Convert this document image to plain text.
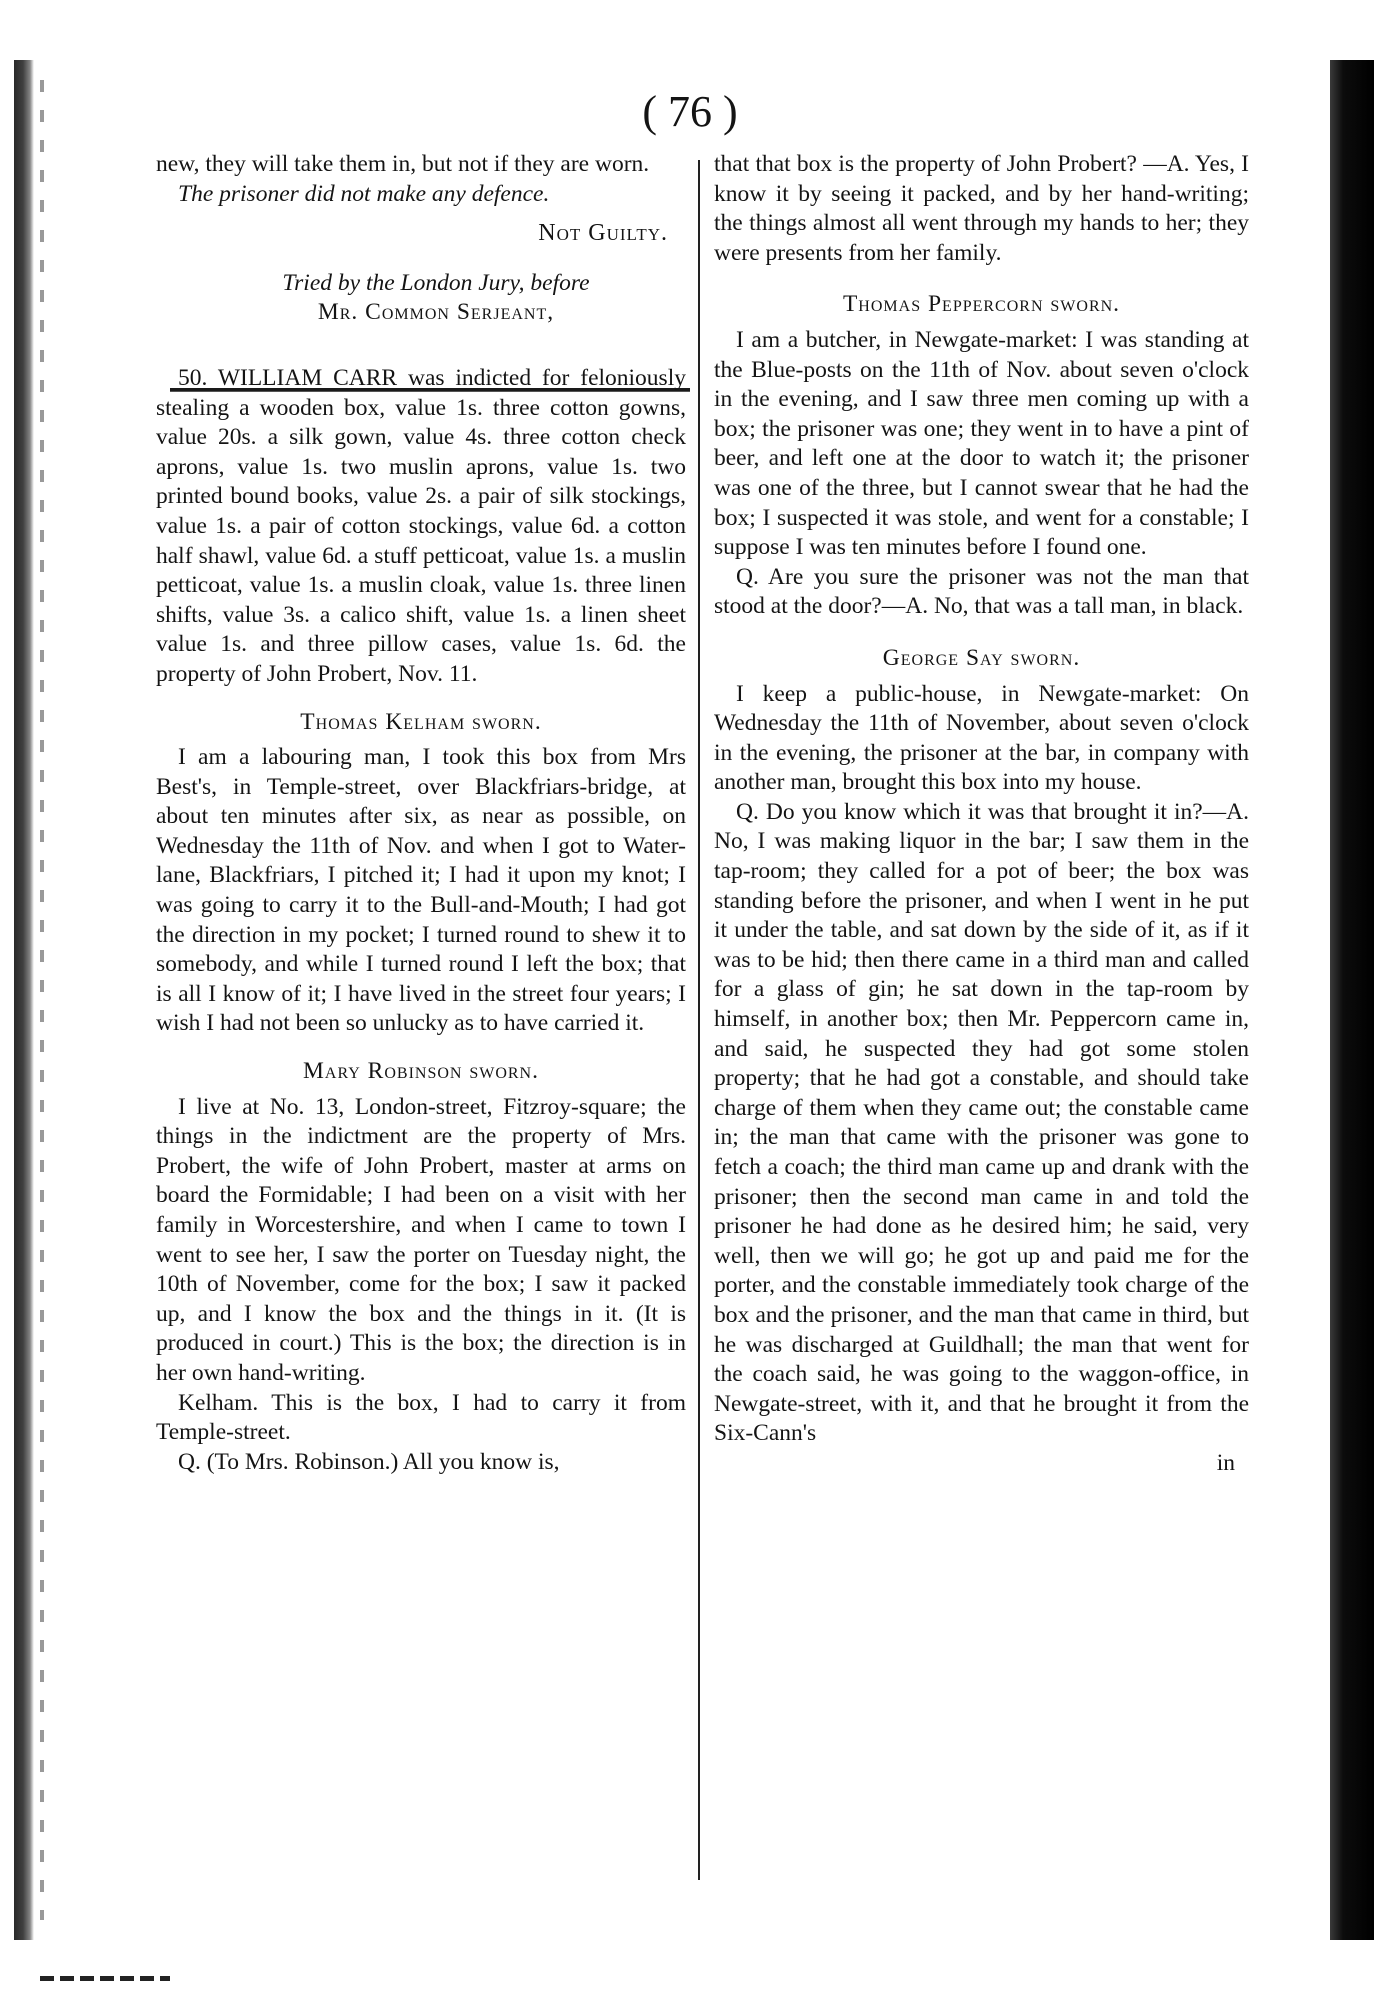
( 76 )

new, they will take them in, but not if they are worn.

The prisoner did not make any defence.

Not Guilty.

Tried by the London Jury, before

Mr. Common Serjeant,

50. WILLIAM CARR was indicted for feloniously stealing a wooden box, value 1s. three cotton gowns, value 20s. a silk gown, value 4s. three cotton check aprons, value 1s. two muslin aprons, value 1s. two printed bound books, value 2s. a pair of silk stockings, value 1s. a pair of cotton stockings, value 6d. a cotton half shawl, value 6d. a stuff petticoat, value 1s. a muslin petticoat, value 1s. a muslin cloak, value 1s. three linen shifts, value 3s. a calico shift, value 1s. a linen sheet value 1s. and three pillow cases, value 1s. 6d. the property of John Probert, Nov. 11.

Thomas Kelham sworn.

I am a labouring man, I took this box from Mrs Best's, in Temple-street, over Blackfriars-bridge, at about ten minutes after six, as near as possible, on Wednesday the 11th of Nov. and when I got to Water-lane, Blackfriars, I pitched it; I had it upon my knot; I was going to carry it to the Bull-and-Mouth; I had got the direction in my pocket; I turned round to shew it to somebody, and while I turned round I left the box; that is all I know of it; I have lived in the street four years; I wish I had not been so unlucky as to have carried it.

Mary Robinson sworn.

I live at No. 13, London-street, Fitzroy-square; the things in the indictment are the property of Mrs. Probert, the wife of John Probert, master at arms on board the Formidable; I had been on a visit with her family in Worcestershire, and when I came to town I went to see her, I saw the porter on Tuesday night, the 10th of November, come for the box; I saw it packed up, and I know the box and the things in it. (It is produced in court.) This is the box; the direction is in her own hand-writing.

Kelham. This is the box, I had to carry it from Temple-street.

Q. (To Mrs. Robinson.) All you know is,

that that box is the property of John Probert? —A. Yes, I know it by seeing it packed, and by her hand-writing; the things almost all went through my hands to her; they were presents from her family.

Thomas Peppercorn sworn.

I am a butcher, in Newgate-market: I was standing at the Blue-posts on the 11th of Nov. about seven o'clock in the evening, and I saw three men coming up with a box; the prisoner was one; they went in to have a pint of beer, and left one at the door to watch it; the prisoner was one of the three, but I cannot swear that he had the box; I suspected it was stole, and went for a constable; I suppose I was ten minutes before I found one.

Q. Are you sure the prisoner was not the man that stood at the door?—A. No, that was a tall man, in black.

George Say sworn.

I keep a public-house, in Newgate-market: On Wednesday the 11th of November, about seven o'clock in the evening, the prisoner at the bar, in company with another man, brought this box into my house.

Q. Do you know which it was that brought it in?—A. No, I was making liquor in the bar; I saw them in the tap-room; they called for a pot of beer; the box was standing before the prisoner, and when I went in he put it under the table, and sat down by the side of it, as if it was to be hid; then there came in a third man and called for a glass of gin; he sat down in the tap-room by himself, in another box; then Mr. Peppercorn came in, and said, he suspected they had got some stolen property; that he had got a constable, and should take charge of them when they came out; the constable came in; the man that came with the prisoner was gone to fetch a coach; the third man came up and drank with the prisoner; then the second man came in and told the prisoner he had done as he desired him; he said, very well, then we will go; he got up and paid me for the porter, and the constable immediately took charge of the box and the prisoner, and the man that came in third, but he was discharged at Guildhall; the man that went for the coach said, he was going to the waggon-office, in Newgate-street, with it, and that he brought it from the Six-Cann's

in
